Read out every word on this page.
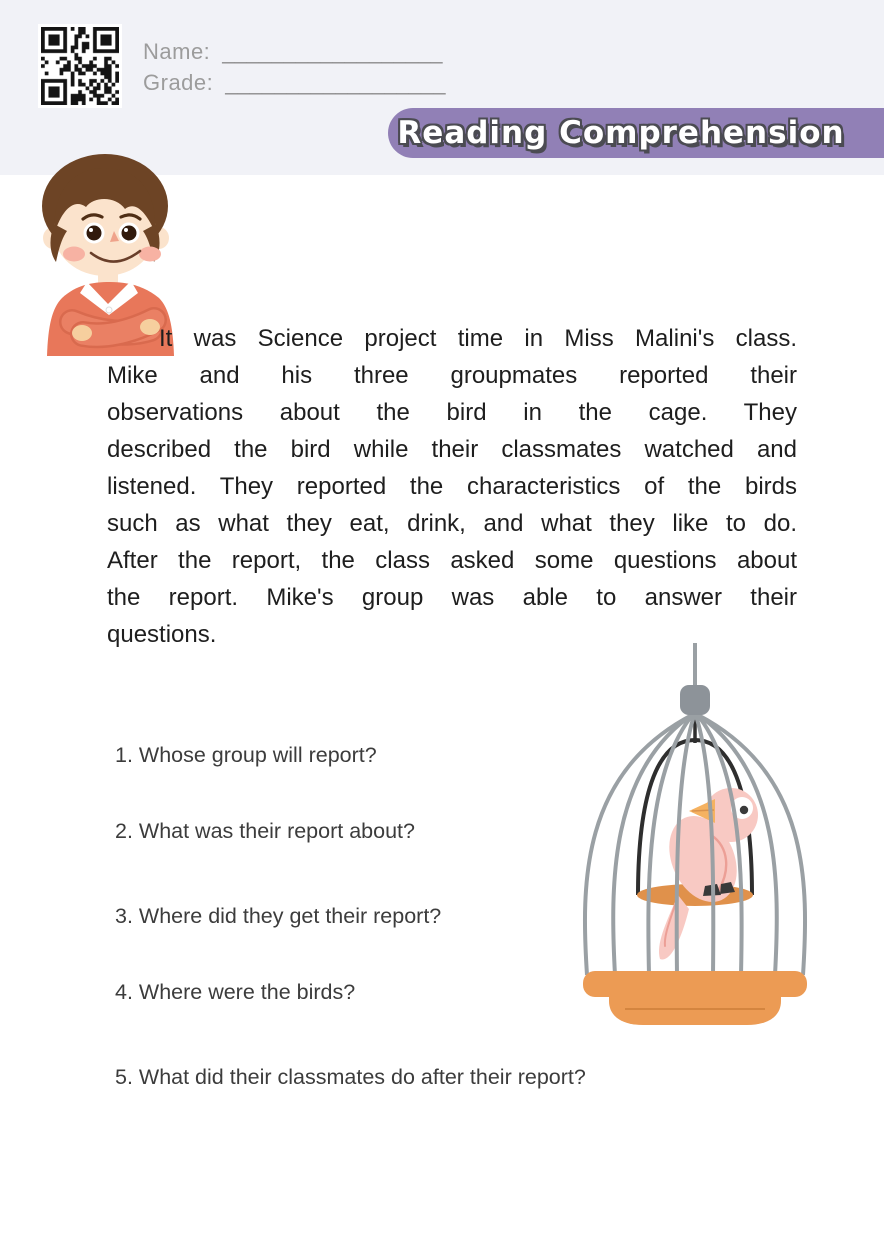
Name: __________________
Grade: __________________
Reading Comprehension
It was Science project time in Miss Malini's class.
Mike and his three groupmates reported their
observations about the bird in the cage. They
described the bird while their classmates watched and
listened. They reported the characteristics of the birds
such as what they eat, drink, and what they like to do.
After the report, the class asked some questions about
the report. Mike's group was able to answer their
questions.
1. Whose group will report?
2. What was their report about?
3. Where did they get their report?
4. Where were the birds?
5. What did their classmates do after their report?
